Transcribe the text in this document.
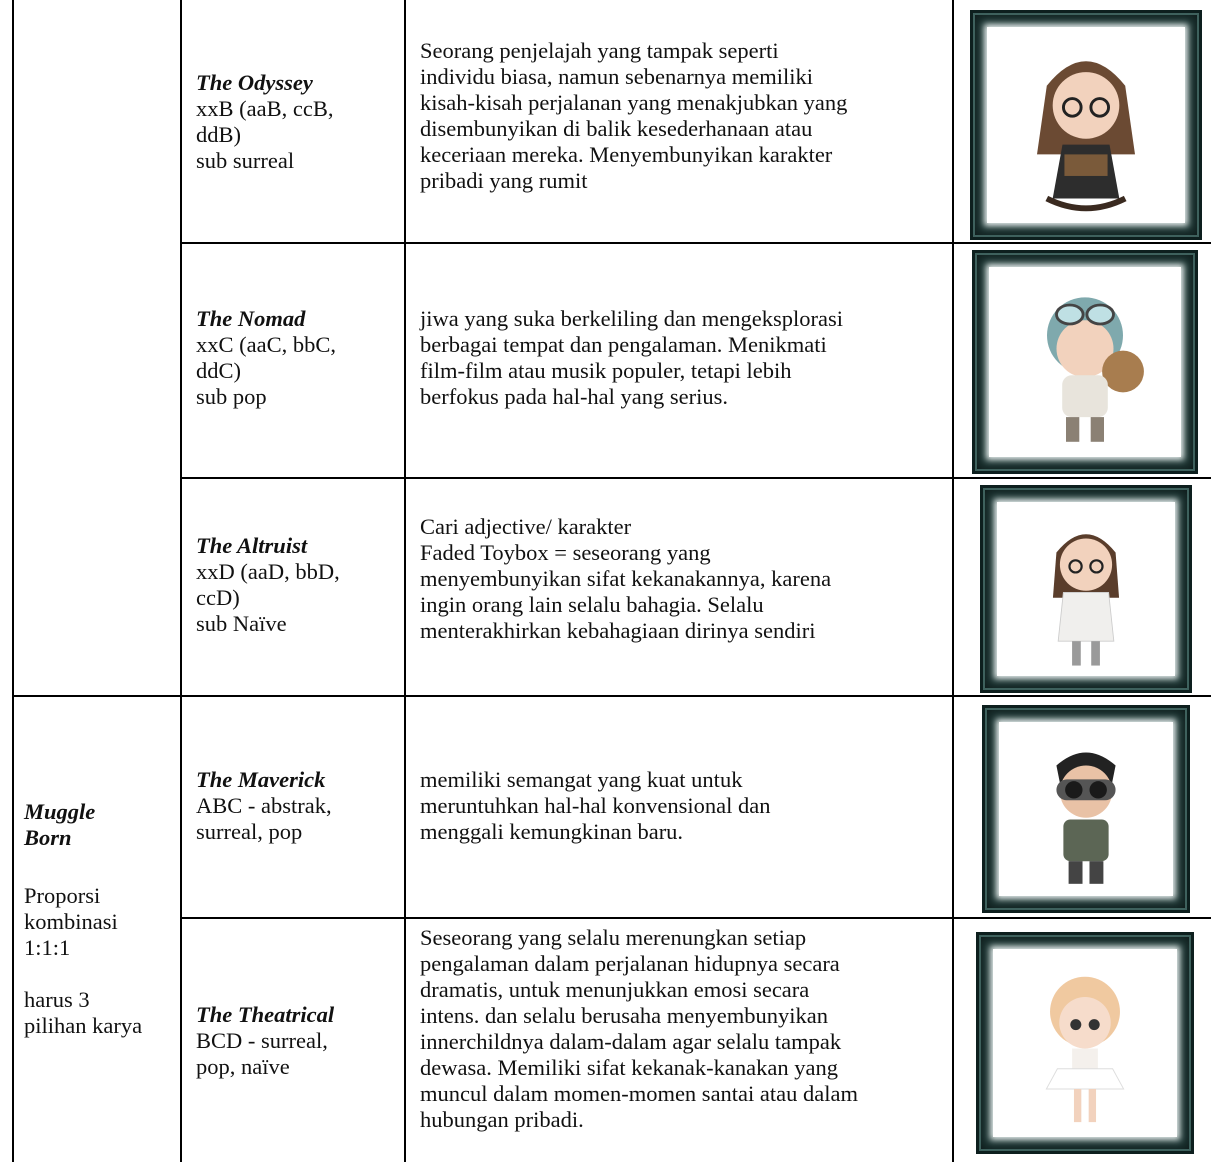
Muggle
Born
Proporsi
kombinasi
1:1:1
harus 3
pilihan karya
The Odyssey
xxB (aaB, ccB,
ddB)
sub surreal
Seorang penjelajah yang tampak seperti
individu biasa, namun sebenarnya memiliki
kisah-kisah perjalanan yang menakjubkan yang
disembunyikan di balik kesederhanaan atau
keceriaan mereka. Menyembunyikan karakter
pribadi yang rumit
The Nomad
xxC (aaC, bbC,
ddC)
sub pop
jiwa yang suka berkeliling dan mengeksplorasi
berbagai tempat dan pengalaman. Menikmati
film-film atau musik populer, tetapi lebih
berfokus pada hal-hal yang serius.
The Altruist
xxD (aaD, bbD,
ccD)
sub Naïve
Cari adjective/ karakter
Faded Toybox = seseorang yang
menyembunyikan sifat kekanakannya, karena
ingin orang lain selalu bahagia. Selalu
menterakhirkan kebahagiaan dirinya sendiri
The Maverick
ABC - abstrak,
surreal, pop
memiliki semangat yang kuat untuk
meruntuhkan hal-hal konvensional dan
menggali kemungkinan baru.
The Theatrical
BCD - surreal,
pop, naïve
Seseorang yang selalu merenungkan setiap
pengalaman dalam perjalanan hidupnya secara
dramatis, untuk menunjukkan emosi secara
intens. dan selalu berusaha menyembunyikan
innerchildnya dalam-dalam agar selalu tampak
dewasa. Memiliki sifat kekanak-kanakan yang
muncul dalam momen-momen santai atau dalam
hubungan pribadi.
